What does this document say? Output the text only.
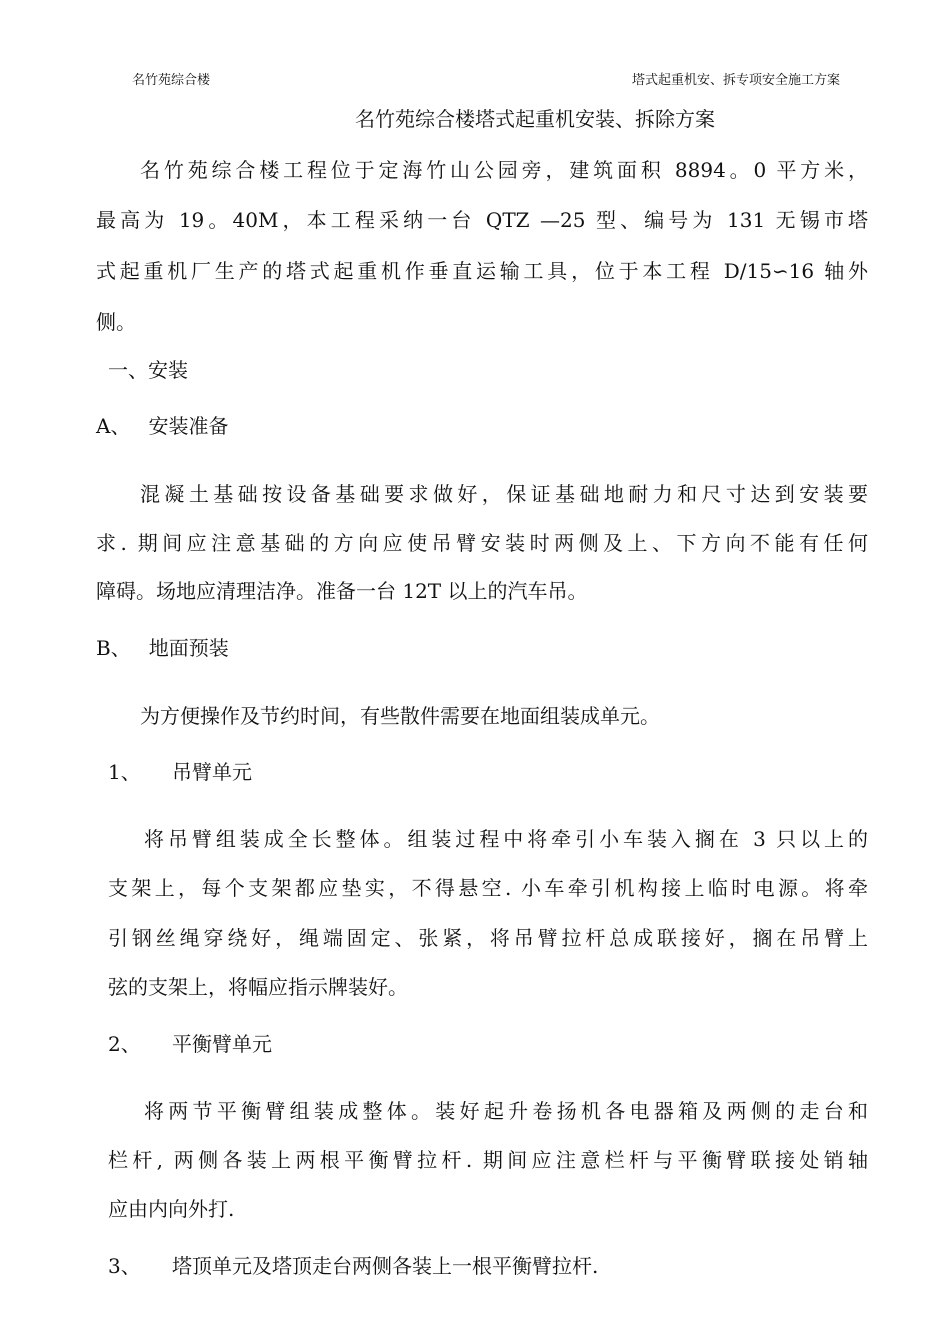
名竹苑综合楼	塔式起重机安、拆专项安全施工方案
名竹苑综合楼塔式起重机安装、拆除方案
名竹苑综合楼工程位于定海竹山公园旁，建筑面积 8894。0 平方米，
最高为 19。40M，本工程采纳一台 QTZ —25 型、编号为 131 无锡市塔
式起重机厂生产的塔式起重机作垂直运输工具，位于本工程 D/15∽16 轴外
侧。
一、安装
A、 安装准备
混凝土基础按设备基础要求做好，保证基础地耐力和尺寸达到安装要
求. 期间应注意基础的方向应使吊臂安装时两侧及上、下方向不能有任何
障碍。场地应清理洁净。准备一台 12T 以上的汽车吊。
B、 地面预装
为方便操作及节约时间，有些散件需要在地面组装成单元。
1、 吊臂单元
将吊臂组装成全长整体。组装过程中将牵引小车装入搁在 3 只以上的
支架上，每个支架都应垫实，不得悬空. 小车牵引机构接上临时电源。将牵
引钢丝绳穿绕好，绳端固定、张紧，将吊臂拉杆总成联接好，搁在吊臂上
弦的支架上，将幅应指示牌装好。
2、 平衡臂单元
将两节平衡臂组装成整体。装好起升卷扬机各电器箱及两侧的走台和
栏杆, 两侧各装上两根平衡臂拉杆. 期间应注意栏杆与平衡臂联接处销轴
应由内向外打.
3、 塔顶单元及塔顶走台两侧各装上一根平衡臂拉杆.
